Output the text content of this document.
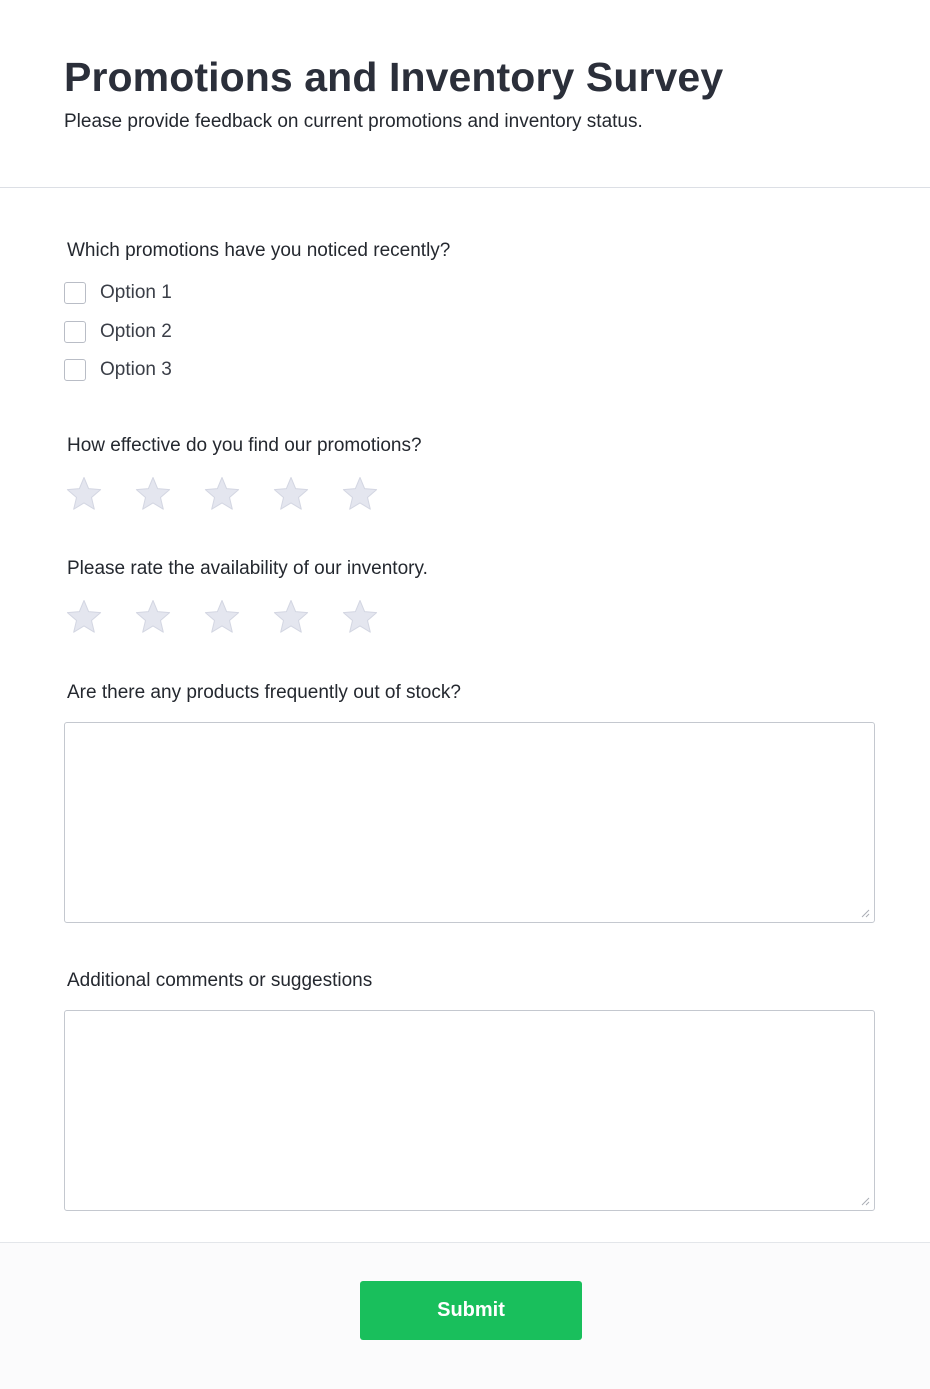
Promotions and Inventory Survey

Please provide feedback on current promotions and inventory status.

Which promotions have you noticed recently?

Option 1
Option 2
Option 3

How effective do you find our promotions?

Please rate the availability of our inventory.

Are there any products frequently out of stock?

Additional comments or suggestions

Submit
